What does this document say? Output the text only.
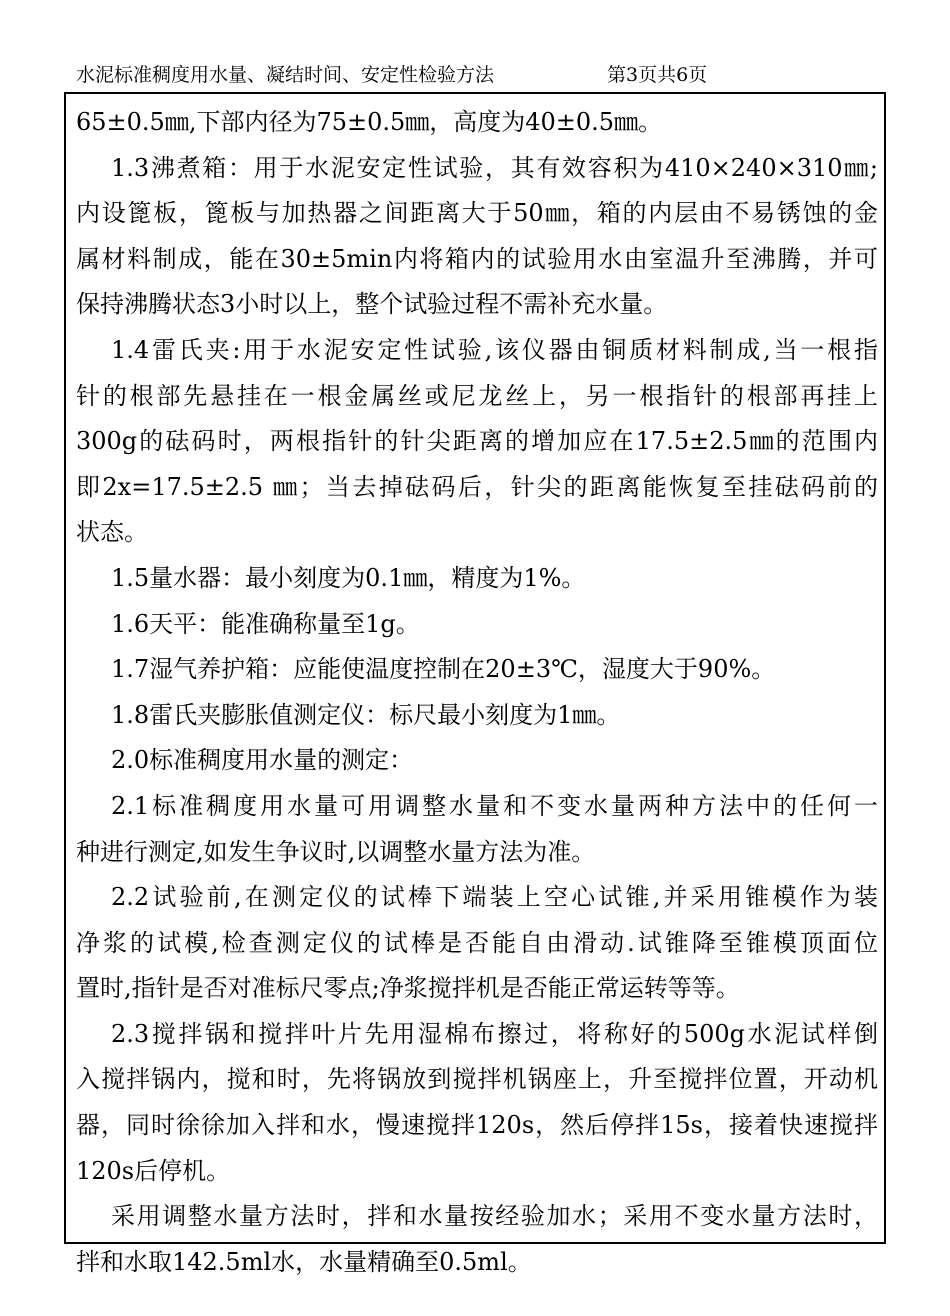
水泥标准稠度用水量、凝结时间、安定性检验方法	第3页共6页
65±0.5㎜,下部内径为75±0.5㎜，高度为40±0.5㎜。
1.3沸煮箱：用于水泥安定性试验，其有效容积为410×240×310㎜;
内设篦板，篦板与加热器之间距离大于50㎜，箱的内层由不易锈蚀的金
属材料制成，能在30±5min内将箱内的试验用水由室温升至沸腾，并可
保持沸腾状态3小时以上，整个试验过程不需补充水量。
1.4雷氏夹:用于水泥安定性试验,该仪器由铜质材料制成,当一根指
针的根部先悬挂在一根金属丝或尼龙丝上，另一根指针的根部再挂上
300g的砝码时，两根指针的针尖距离的增加应在17.5±2.5㎜的范围内
即2x=17.5±2.5 ㎜；当去掉砝码后，针尖的距离能恢复至挂砝码前的
状态。
1.5量水器：最小刻度为0.1㎜，精度为1%。
1.6天平：能准确称量至1g。
1.7湿气养护箱：应能使温度控制在20±3℃，湿度大于90%。
1.8雷氏夹膨胀值测定仪：标尺最小刻度为1㎜。
2.0标准稠度用水量的测定：
2.1标准稠度用水量可用调整水量和不变水量两种方法中的任何一
种进行测定,如发生争议时,以调整水量方法为准。
2.2试验前,在测定仪的试棒下端装上空心试锥,并采用锥模作为装
净浆的试模,检查测定仪的试棒是否能自由滑动.试锥降至锥模顶面位
置时,指针是否对准标尺零点;净浆搅拌机是否能正常运转等等。
2.3搅拌锅和搅拌叶片先用湿棉布擦过，将称好的500g水泥试样倒
入搅拌锅内，搅和时，先将锅放到搅拌机锅座上，升至搅拌位置，开动机
器，同时徐徐加入拌和水，慢速搅拌120s，然后停拌15s，接着快速搅拌
120s后停机。
采用调整水量方法时，拌和水量按经验加水；采用不变水量方法时，
拌和水取142.5ml水，水量精确至0.5ml。
